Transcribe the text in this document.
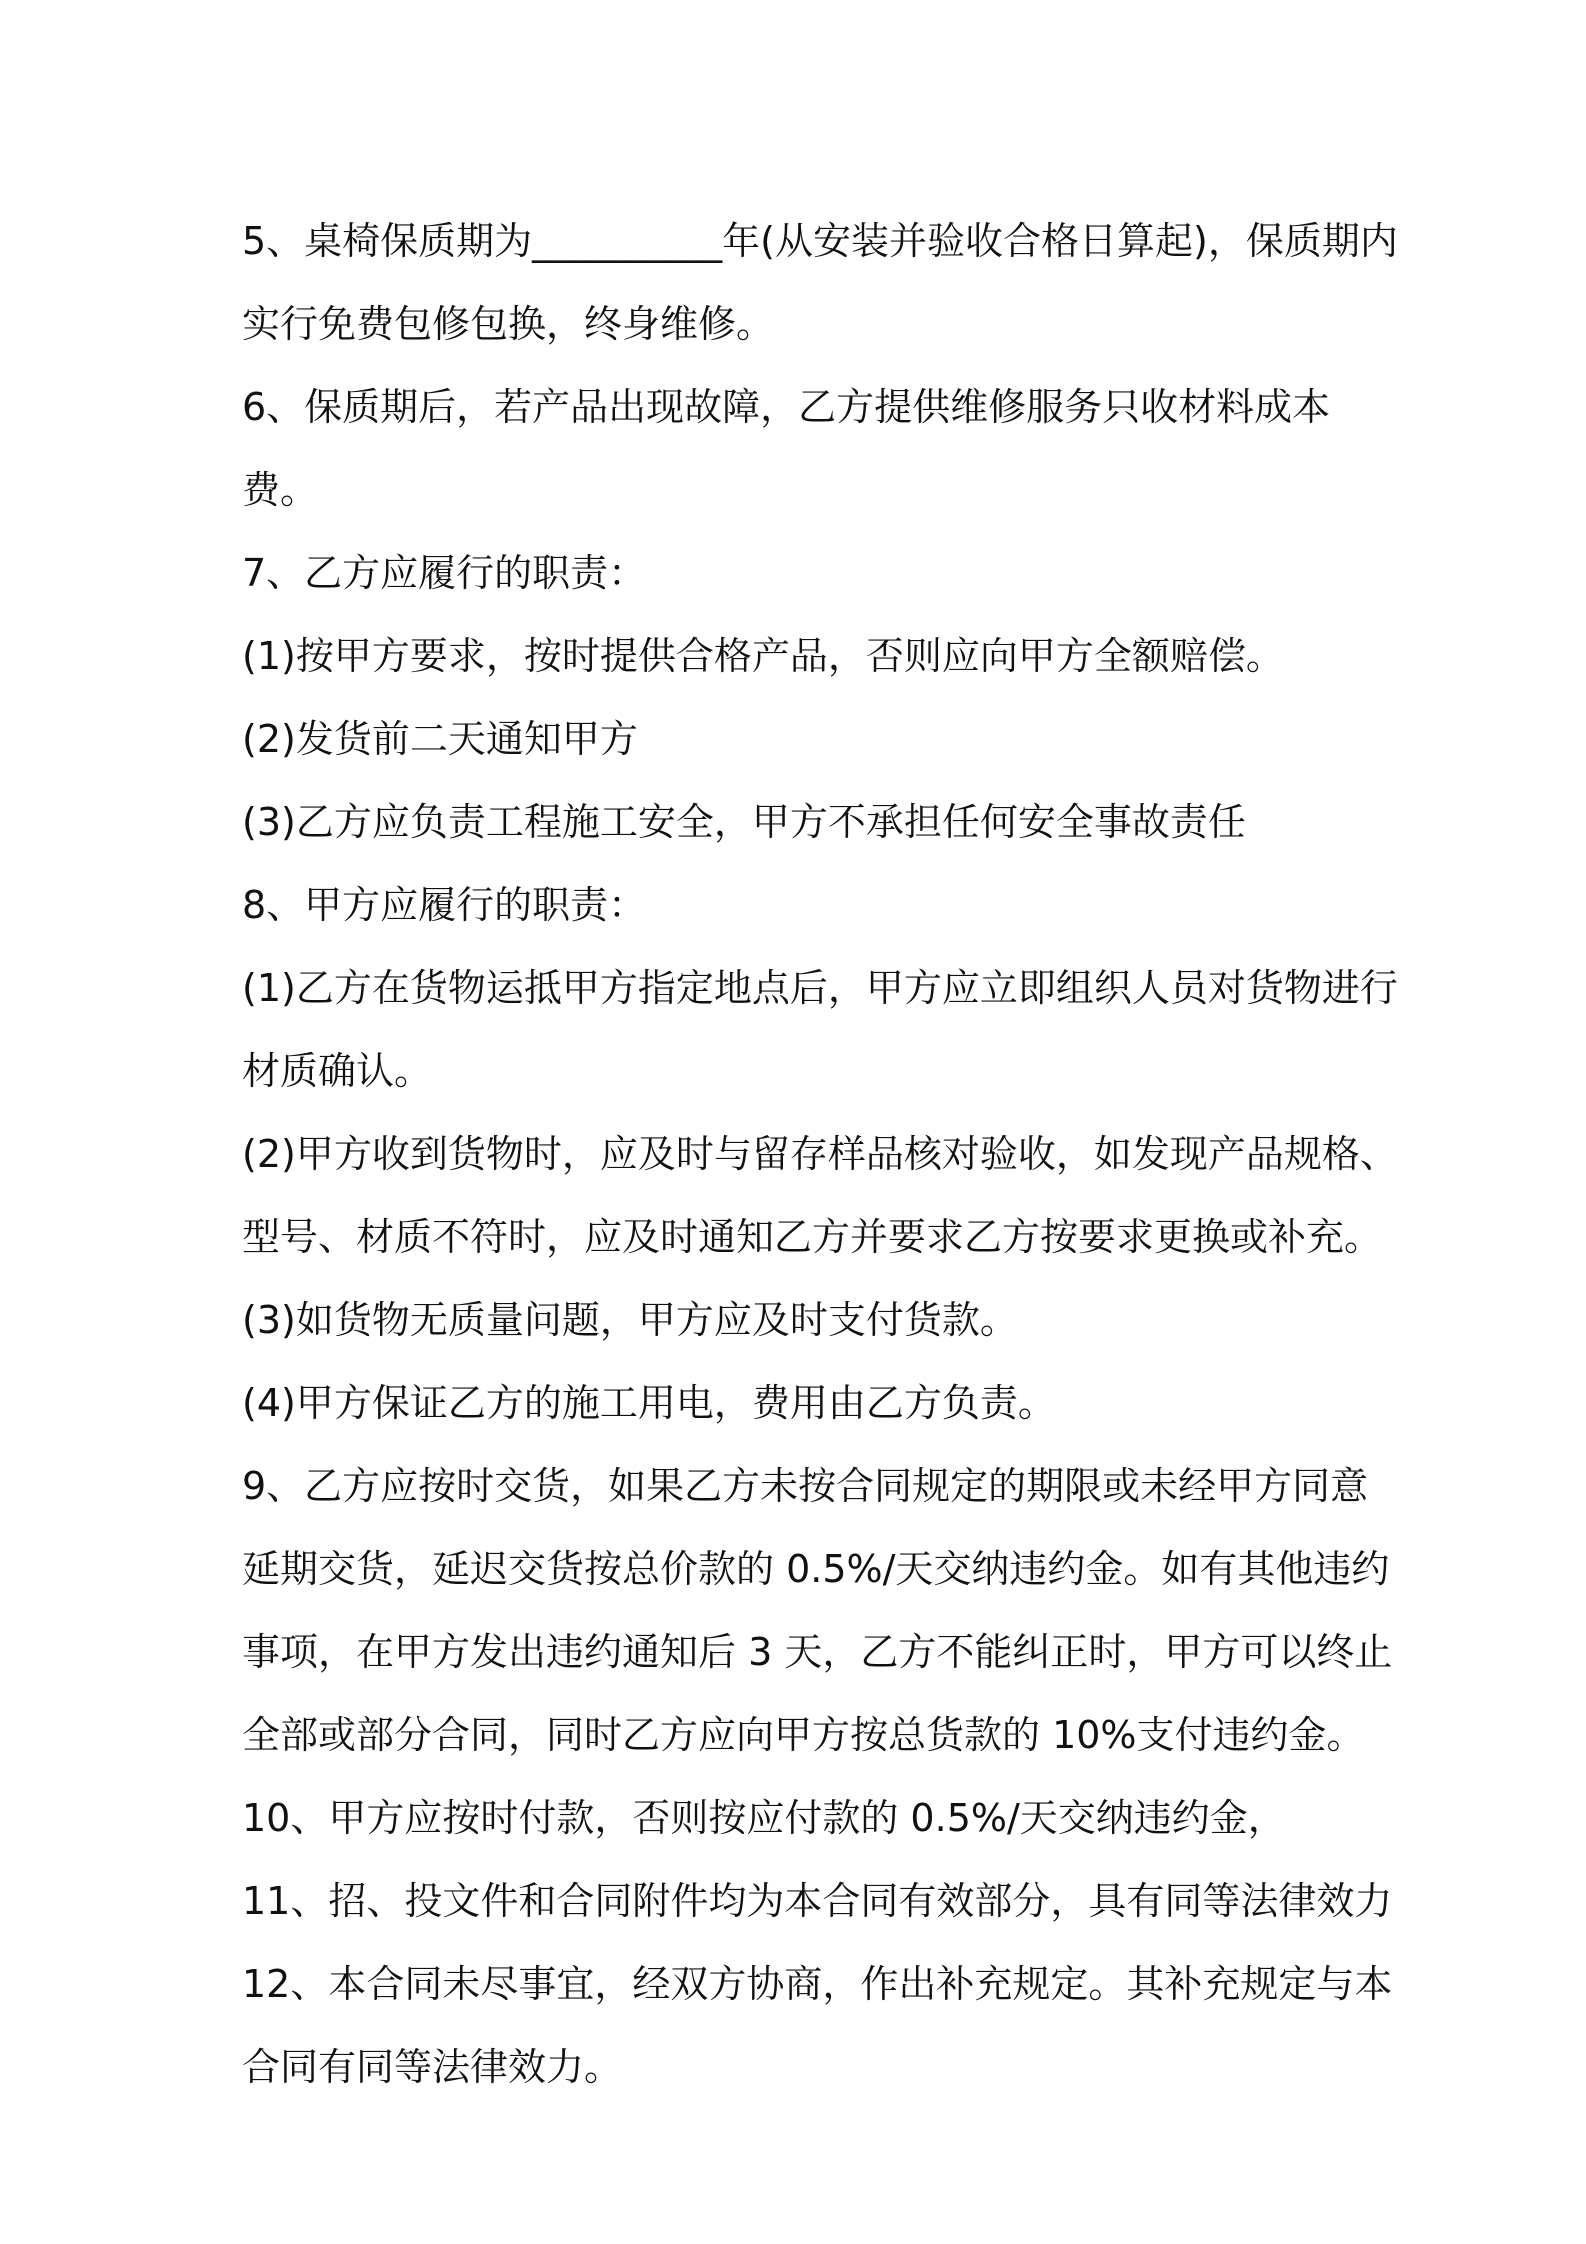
5、桌椅保质期为__________年(从安装并验收合格日算起)，保质期内实行免费包修包换，终身维修。

6、保质期后，若产品出现故障，乙方提供维修服务只收材料成本费。

7、乙方应履行的职责：

(1)按甲方要求，按时提供合格产品，否则应向甲方全额赔偿。

(2)发货前二天通知甲方

(3)乙方应负责工程施工安全，甲方不承担任何安全事故责任

8、甲方应履行的职责：

(1)乙方在货物运抵甲方指定地点后，甲方应立即组织人员对货物进行材质确认。

(2)甲方收到货物时，应及时与留存样品核对验收，如发现产品规格、型号、材质不符时，应及时通知乙方并要求乙方按要求更换或补充。

(3)如货物无质量问题，甲方应及时支付货款。

(4)甲方保证乙方的施工用电，费用由乙方负责。

9、乙方应按时交货，如果乙方未按合同规定的期限或未经甲方同意延期交货，延迟交货按总价款的 0.5%/天交纳违约金。如有其他违约事项，在甲方发出违约通知后 3 天，乙方不能纠正时，甲方可以终止全部或部分合同，同时乙方应向甲方按总货款的 10%支付违约金。

10、甲方应按时付款，否则按应付款的 0.5%/天交纳违约金，

11、招、投文件和合同附件均为本合同有效部分，具有同等法律效力

12、本合同未尽事宜，经双方协商，作出补充规定。其补充规定与本合同有同等法律效力。
